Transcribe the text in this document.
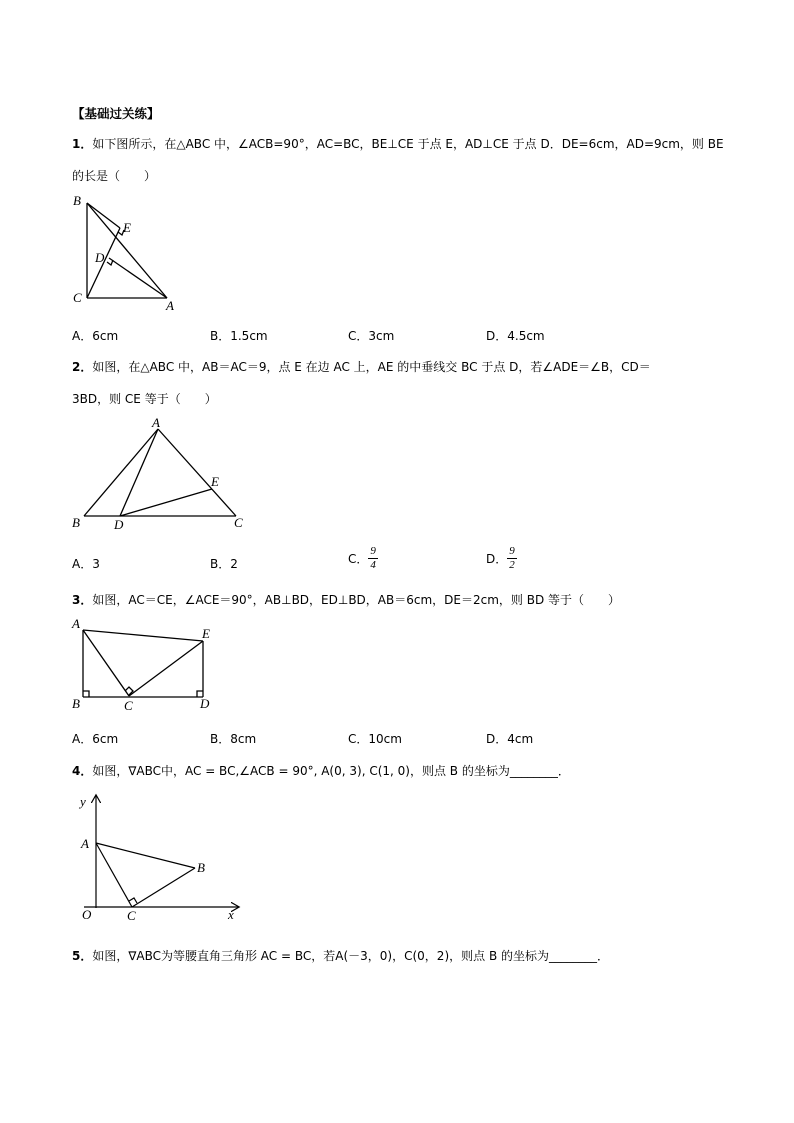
【基础过关练】
1．如下图所示，在△ABC 中，∠ACB=90°，AC=BC，BE⊥CE 于点 E，AD⊥CE 于点 D．DE=6cm，AD=9cm，则 BE
的长是（　　）
B
E
D
C
A
A．6cm	B．1.5cm	C．3cm	D．4.5cm
2．如图，在△ABC 中，AB＝AC＝9，点 E 在边 AC 上，AE 的中垂线交 BC 于点 D，若∠ADE＝∠B，CD＝
3BD，则 CE 等于（　　）
A
E
B	D	C
A．3	B．2	C． $\frac{9}{4}$	D． $\frac{9}{2}$
3．如图，AC＝CE，∠ACE＝90°，AB⊥BD，ED⊥BD，AB＝6cm，DE＝2cm，则 BD 等于（　　）
A
E
B	C	D
A．6cm	B．8cm	C．10cm	D．4cm
4．如图，∇ABC中，AC = BC,∠ACB = 90°, A(0, 3), C(1, 0)，则点 B 的坐标为________．
y
A
B
O	C	x
5．如图，∇ABC为等腰直角三角形 AC = BC，若A(－3，0)，C(0，2)，则点 B 的坐标为________．
